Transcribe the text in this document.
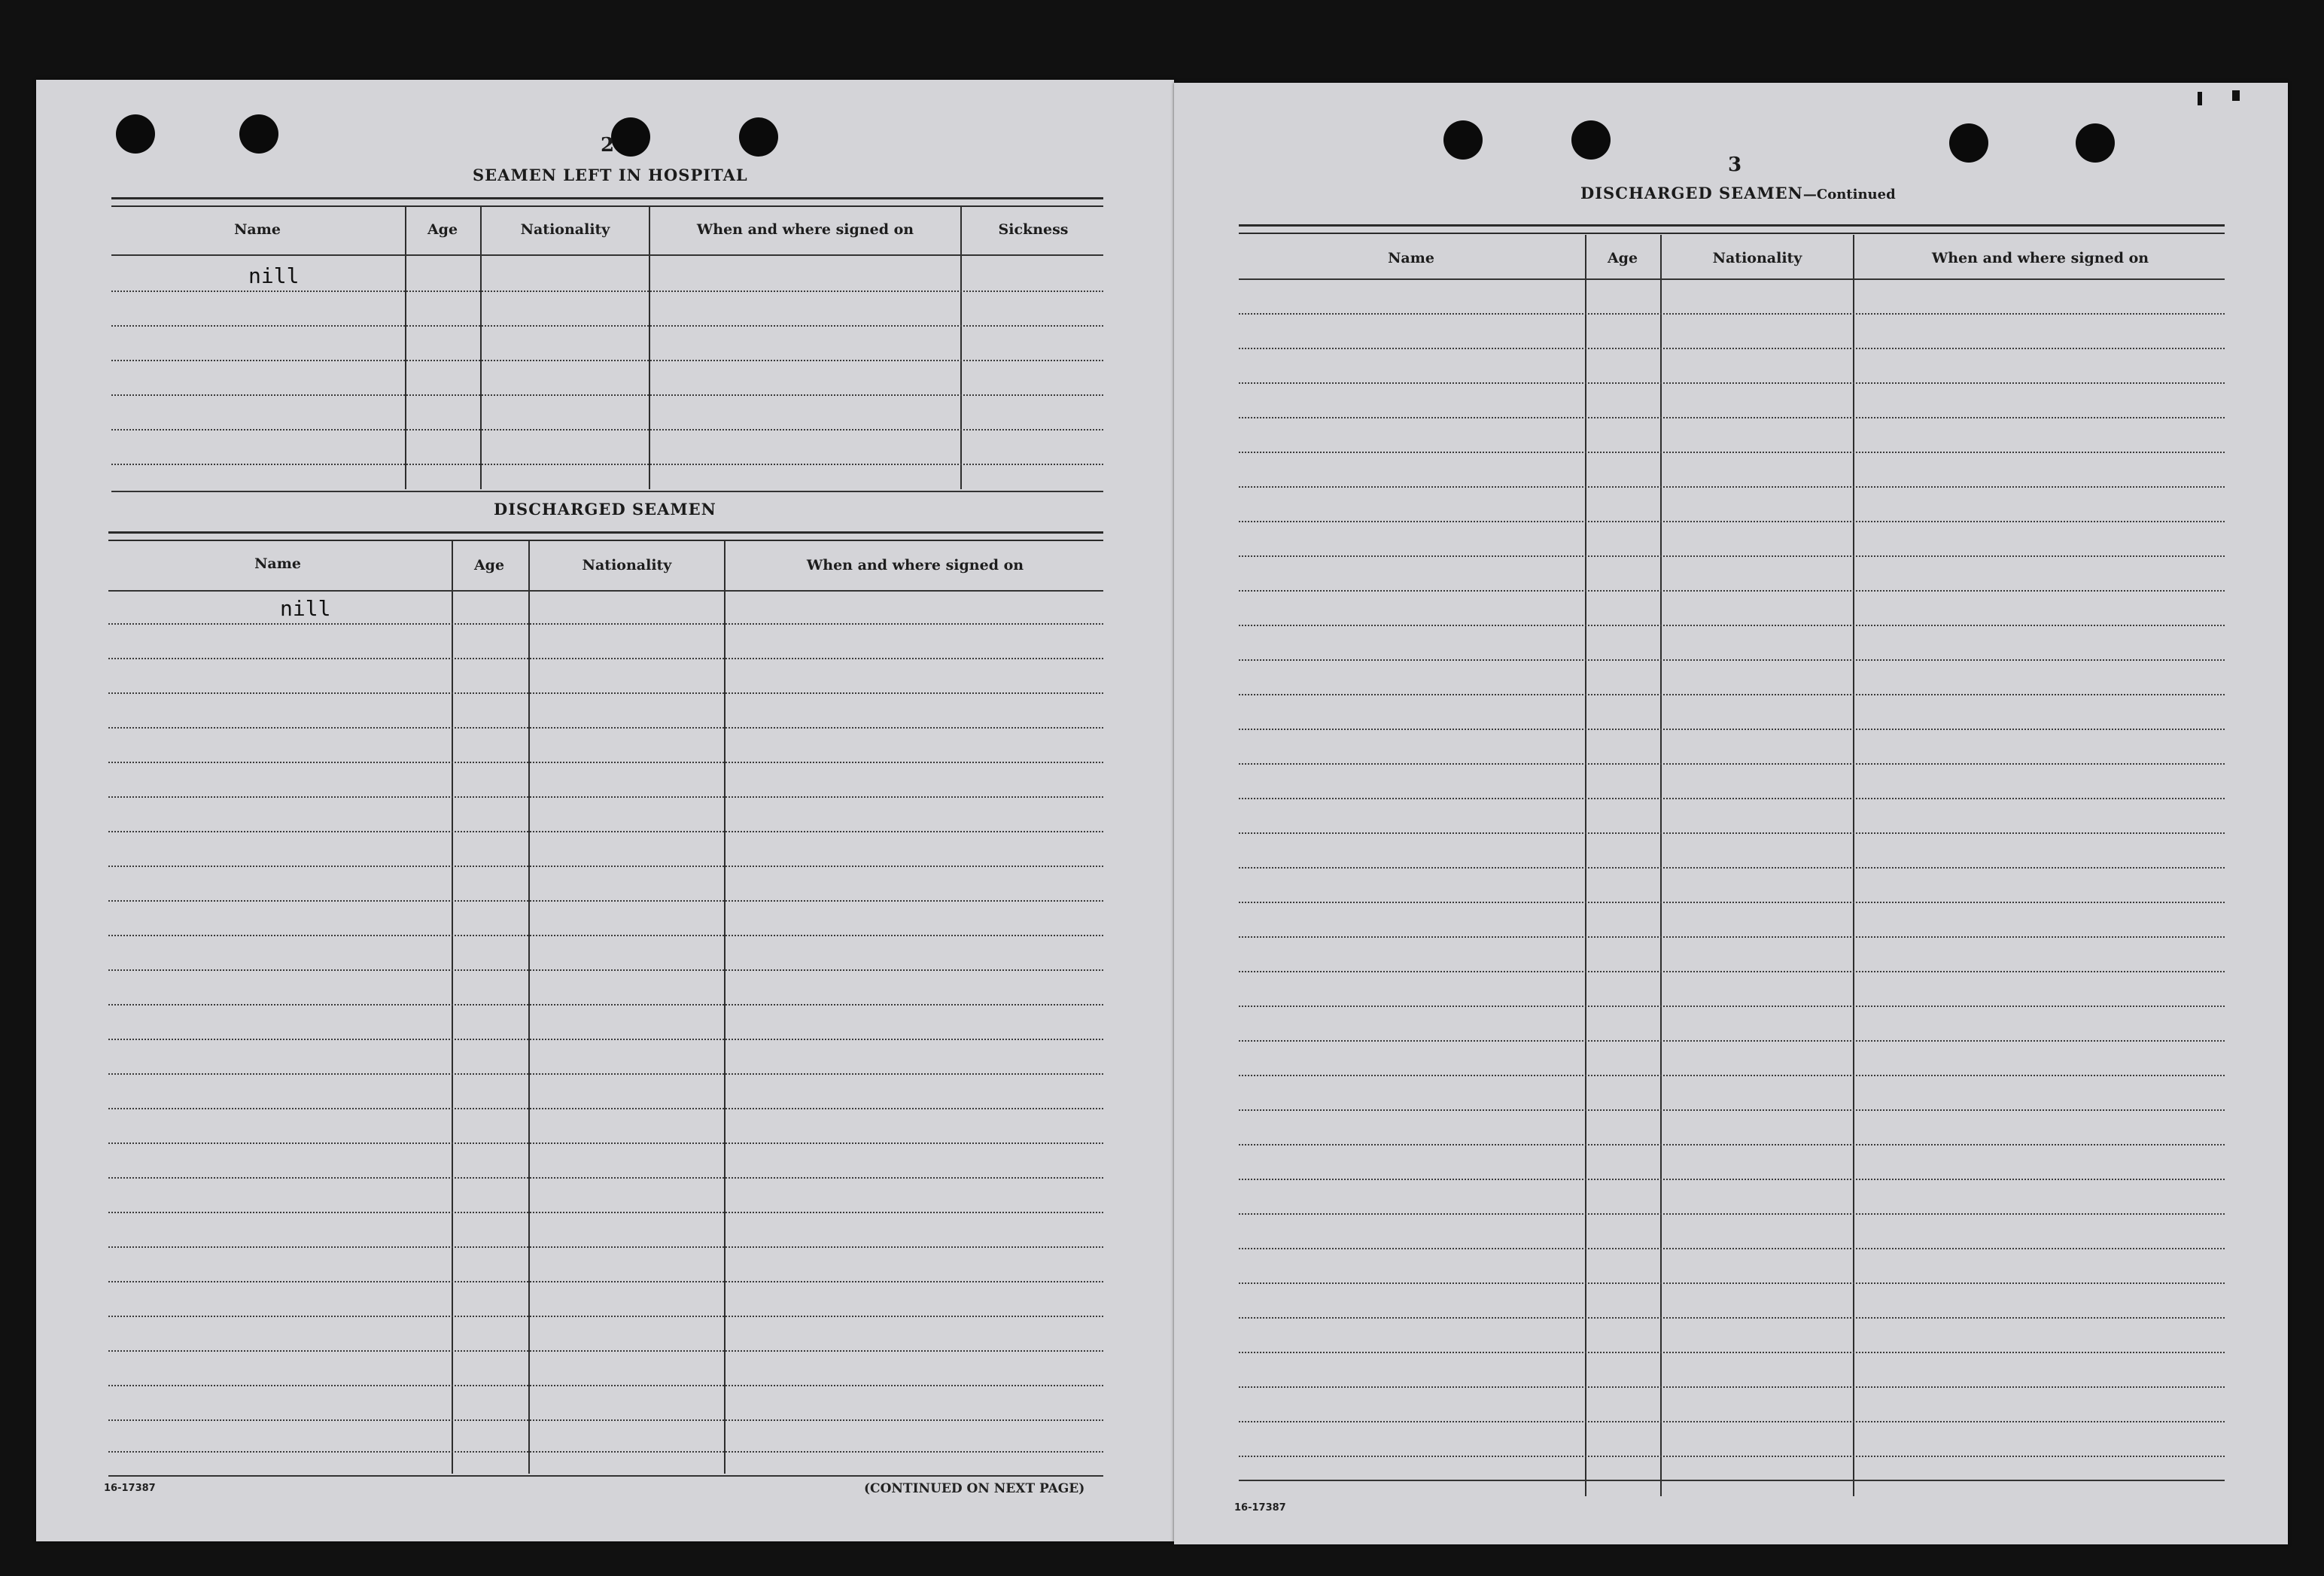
2
SEAMEN LEFT IN HOSPITAL
Name	Age	Nationality	When and where signed on	Sickness
nill
DISCHARGED SEAMEN
Name	Age	Nationality	When and where signed on
nill
16-17387	(CONTINUED ON NEXT PAGE)
3
DISCHARGED SEAMEN—Continued
Name	Age	Nationality	When and where signed on
16-17387
